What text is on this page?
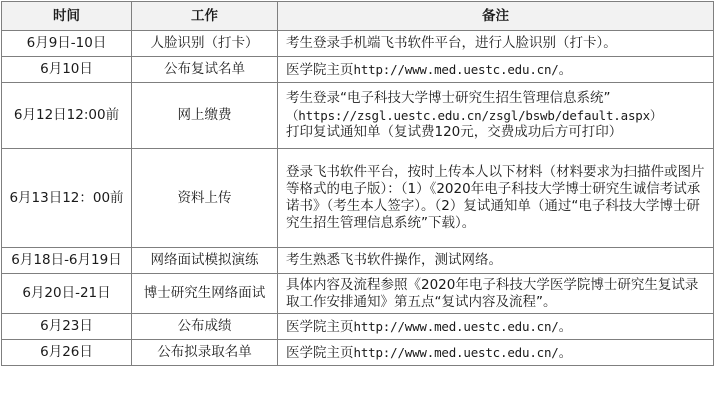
时间	工作	备注
6月9日-10日	人脸识别（打卡）	考生登录手机端飞书软件平台，进行人脸识别（打卡）。
6月10日	公布复试名单	医学院主页http://www.med.uestc.edu.cn/。
6月12日12:00前	网上缴费	考生登录“电子科技大学博士研究生招生管理信息系统”
（https://zsgl.uestc.edu.cn/zsgl/bswb/default.aspx）
打印复试通知单（复试费120元，交费成功后方可打印）

6月13日12：00前	资料上传	登录飞书软件平台，按时上传本人以下材料（材料要求为扫描件或图片等格式的电子版）：（1）《2020年电子科技大学博士研究生诚信考试承诺书》（考生本人签字）。（2）复试通知单（通过“电子科技大学博士研究生招生管理信息系统”下载）。
6月18日-6月19日	网络面试模拟演练	考生熟悉飞书软件操作，测试网络。
6月20日-21日	博士研究生网络面试	具体内容及流程参照《2020年电子科技大学医学院博士研究生复试录取工作安排通知》第五点“复试内容及流程”。
6月23日	公布成绩	医学院主页http://www.med.uestc.edu.cn/。
6月26日	公布拟录取名单	医学院主页http://www.med.uestc.edu.cn/。
